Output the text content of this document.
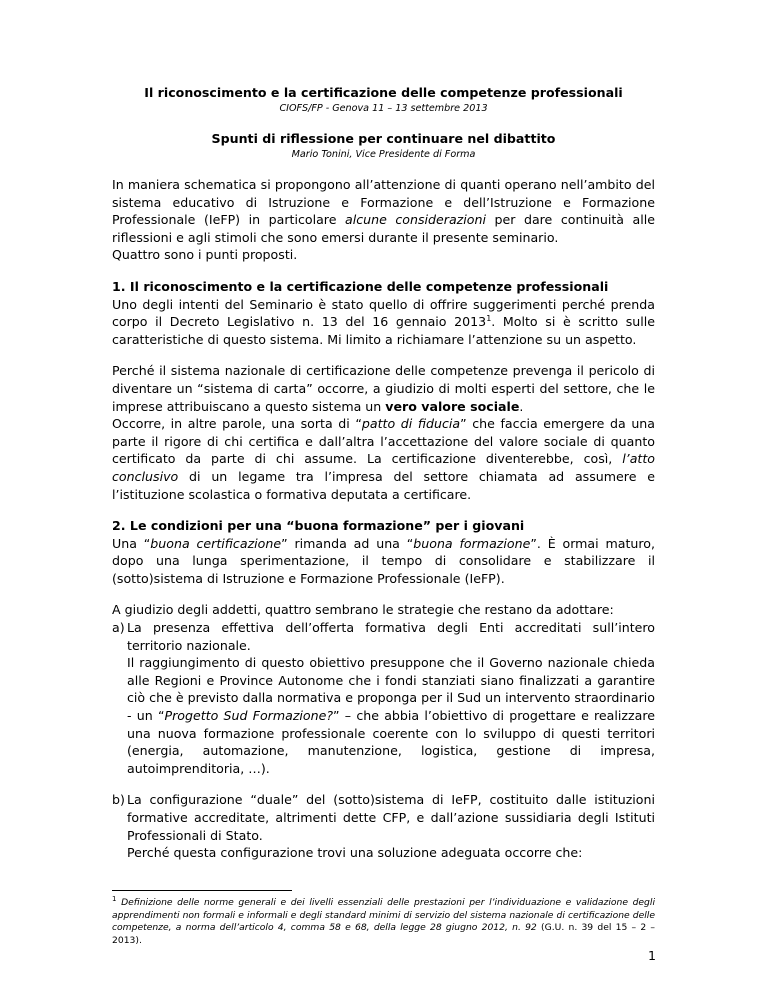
Il riconoscimento e la certificazione delle competenze professionali

CIOFS/FP - Genova 11 – 13 settembre 2013

Spunti di riflessione per continuare nel dibattito

Mario Tonini, Vice Presidente di Forma

In maniera schematica si propongono all’attenzione di quanti operano nell’ambito del sistema educativo di Istruzione e Formazione e dell’Istruzione e Formazione Professionale (IeFP) in particolare alcune considerazioni per dare continuità alle riflessioni e agli stimoli che sono emersi durante il presente seminario.

Quattro sono i punti proposti.

1. Il riconoscimento e la certificazione delle competenze professionali

Uno degli intenti del Seminario è stato quello di offrire suggerimenti perché prenda corpo il Decreto Legislativo n. 13 del 16 gennaio 2013$^1$. Molto si è scritto sulle caratteristiche di questo sistema. Mi limito a richiamare l’attenzione su un aspetto.

Perché il sistema nazionale di certificazione delle competenze prevenga il pericolo di diventare un “sistema di carta” occorre, a giudizio di molti esperti del settore, che le imprese attribuiscano a questo sistema un vero valore sociale.

Occorre, in altre parole, una sorta di “patto di fiducia” che faccia emergere da una parte il rigore di chi certifica e dall’altra l’accettazione del valore sociale di quanto certificato da parte di chi assume. La certificazione diventerebbe, così, l’atto conclusivo di un legame tra l’impresa del settore chiamata ad assumere e l’istituzione scolastica o formativa deputata a certificare.

2. Le condizioni per una “buona formazione” per i giovani

Una “buona certificazione” rimanda ad una “buona formazione”. È ormai maturo, dopo una lunga sperimentazione, il tempo di consolidare e stabilizzare il (sotto)sistema di Istruzione e Formazione Professionale (IeFP).

A giudizio degli addetti, quattro sembrano le strategie che restano da adottare:

a) La presenza effettiva dell’offerta formativa degli Enti accreditati sull’intero territorio nazionale.

Il raggiungimento di questo obiettivo presuppone che il Governo nazionale chieda alle Regioni e Province Autonome che i fondi stanziati siano finalizzati a garantire ciò che è previsto dalla normativa e proponga per il Sud un intervento straordinario - un “Progetto Sud Formazione?” – che abbia l’obiettivo di progettare e realizzare una nuova formazione professionale coerente con lo sviluppo di questi territori (energia, automazione, manutenzione, logistica, gestione di impresa, autoimprenditoria, …).

b) La configurazione “duale” del (sotto)sistema di IeFP, costituito dalle istituzioni formative accreditate, altrimenti dette CFP, e dall’azione sussidiaria degli Istituti Professionali di Stato.

Perché questa configurazione trovi una soluzione adeguata occorre che:

$^1$ Definizione delle norme generali e dei livelli essenziali delle prestazioni per l’individuazione e validazione degli apprendimenti non formali e informali e degli standard minimi di servizio del sistema nazionale di certificazione delle competenze, a norma dell’articolo 4, comma 58 e 68, della legge 28 giugno 2012, n. 92 (G.U. n. 39 del 15 – 2 – 2013).
1
